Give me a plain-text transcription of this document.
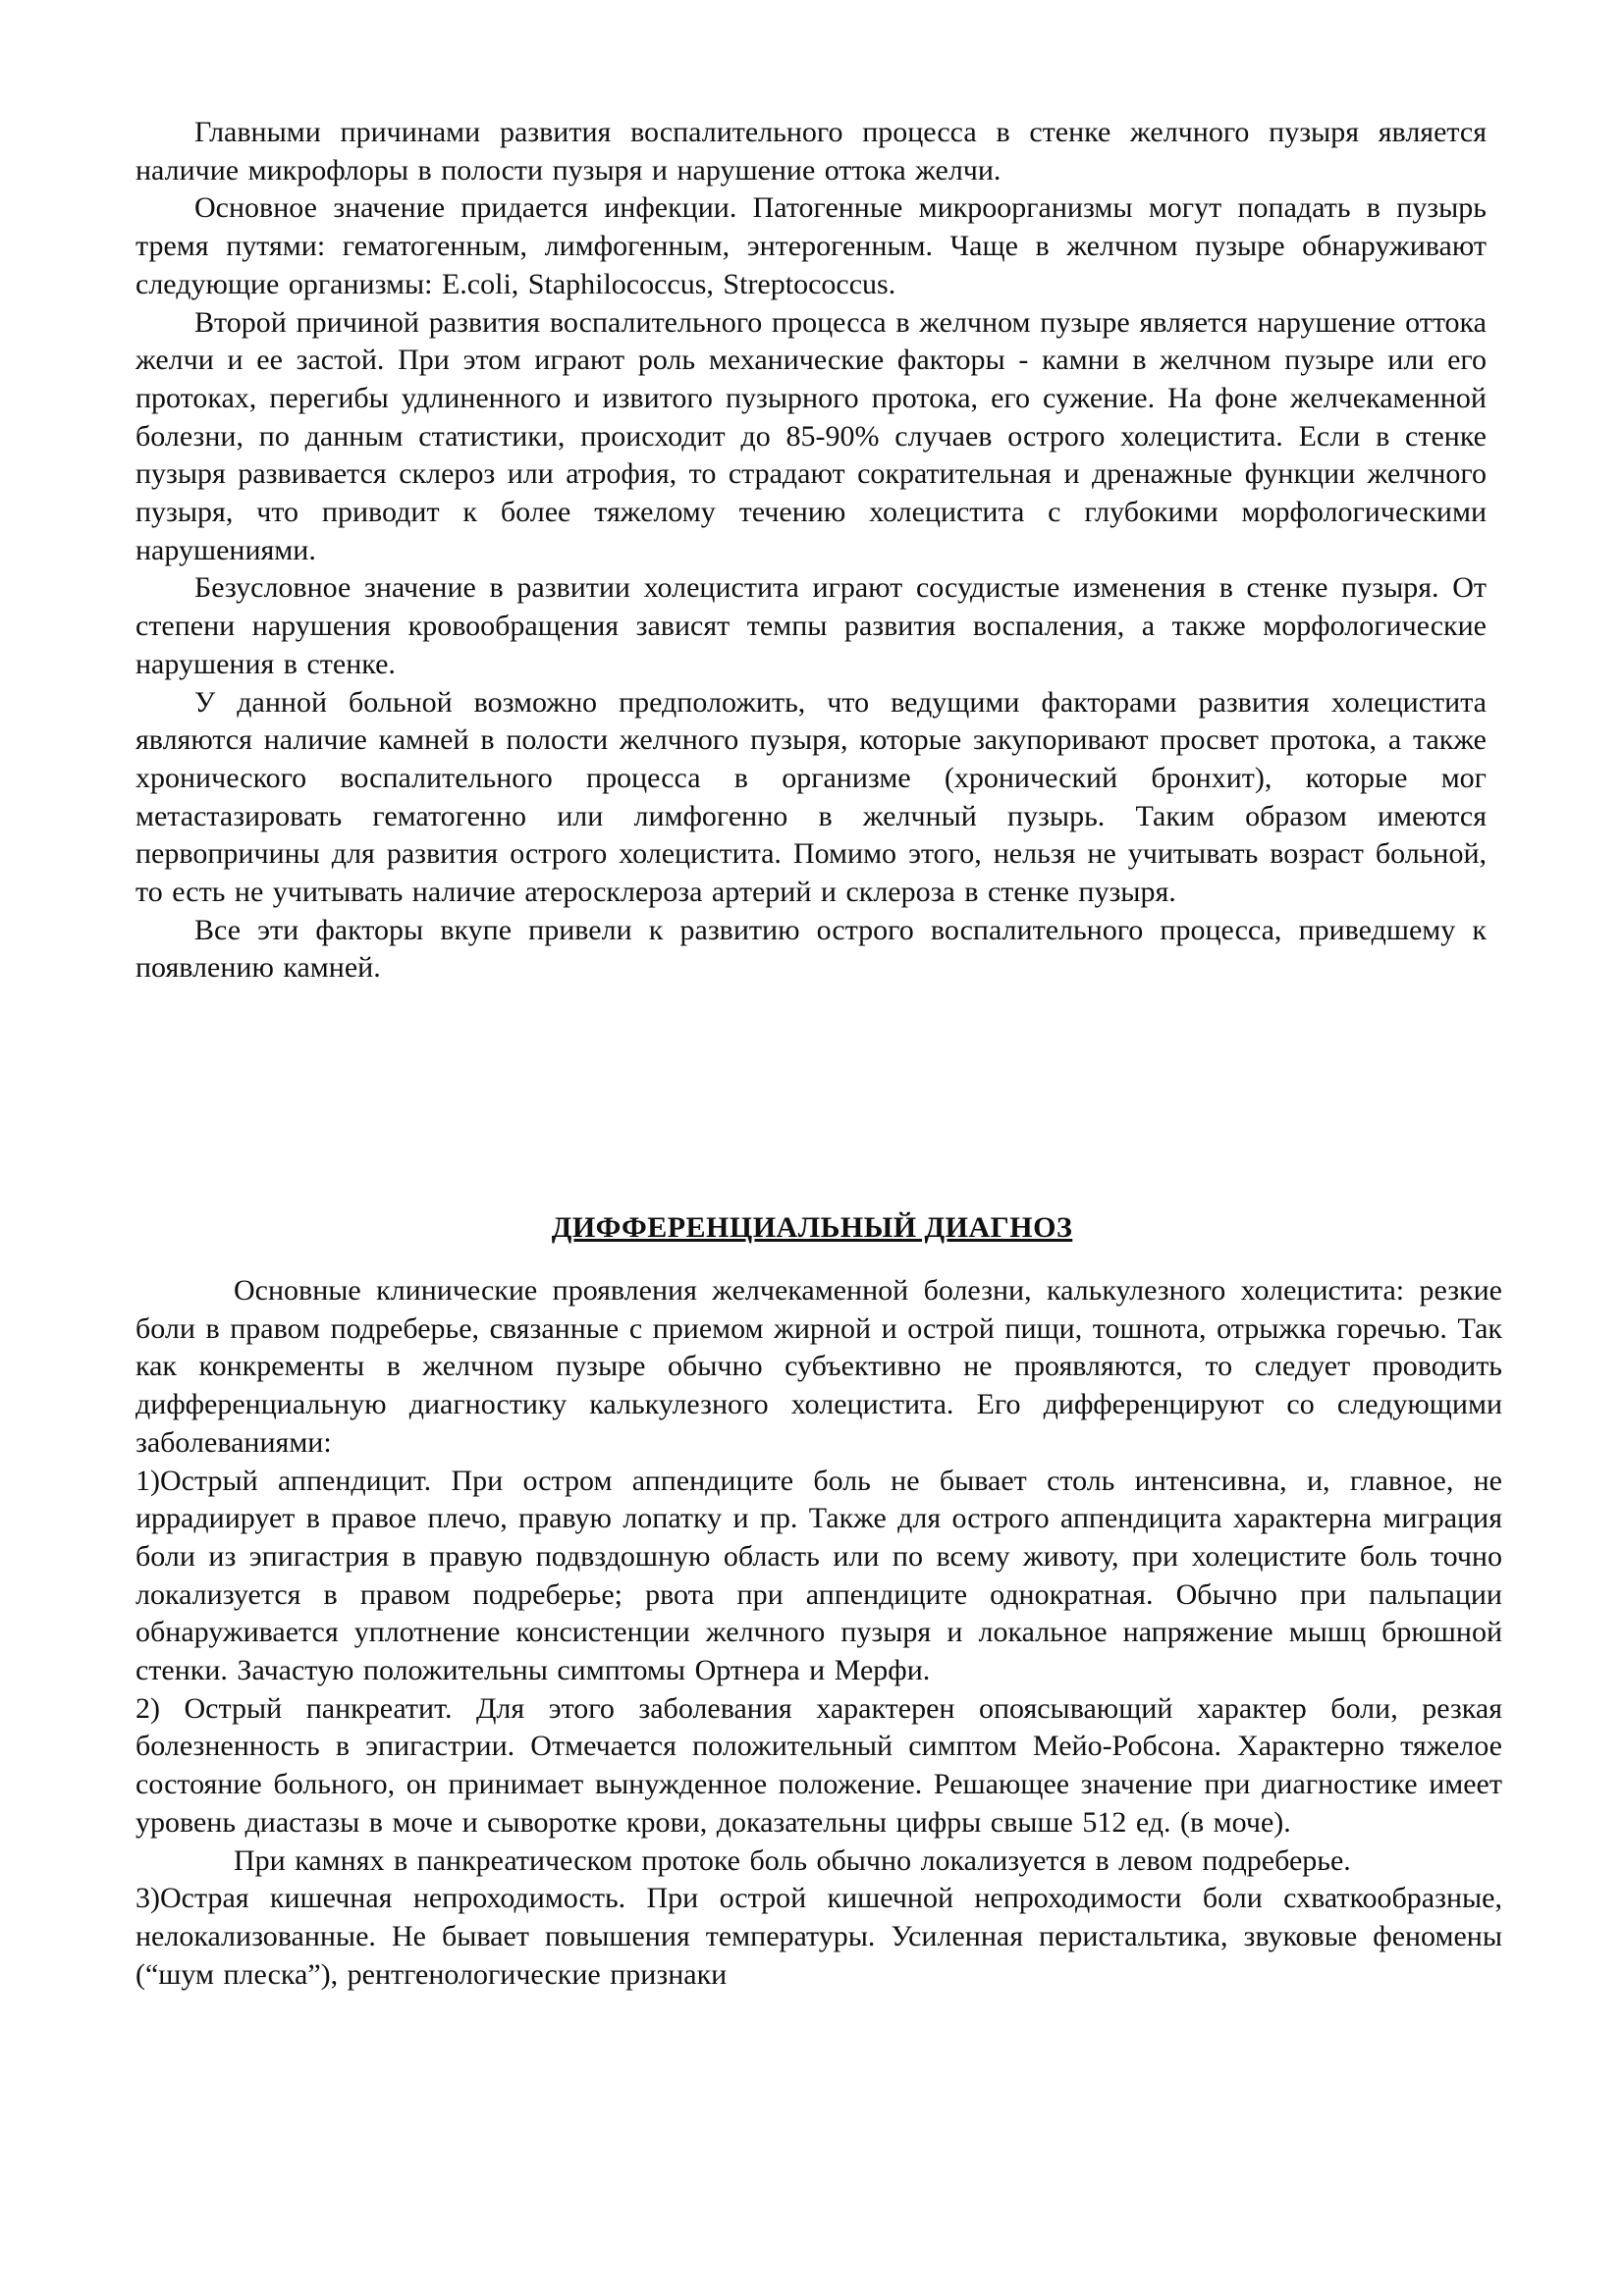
Главными причинами развития воспалительного процесса в стенке желчного пузыря является наличие микрофлоры в полости пузыря и нарушение оттока желчи.

Основное значение придается инфекции. Патогенные микроорганизмы могут попадать в пузырь тремя путями: гематогенным, лимфогенным, энтерогенным. Чаще в желчном пузыре обнаруживают следующие организмы: E.coli, Staphilococcus, Streptococcus.

Второй причиной развития воспалительного процесса в желчном пузыре является нарушение оттока желчи и ее застой. При этом играют роль механические факторы - камни в желчном пузыре или его протоках, перегибы удлиненного и извитого пузырного протока, его сужение. На фоне желчекаменной болезни, по данным статистики, происходит до 85-90% случаев острого холецистита. Если в стенке пузыря развивается склероз или атрофия, то страдают сократительная и дренажные функции желчного пузыря, что приводит к более тяжелому течению холецистита с глубокими морфологическими нарушениями.

Безусловное значение в развитии холецистита играют сосудистые изменения в стенке пузыря. От степени нарушения кровообращения зависят темпы развития воспаления, а также морфологические нарушения в стенке.

У данной больной возможно предположить, что ведущими факторами развития холецистита являются наличие камней в полости желчного пузыря, которые закупоривают просвет протока, а также хронического воспалительного процесса в организме (хронический бронхит), которые мог метастазировать гематогенно или лимфогенно в желчный пузырь. Таким образом имеются первопричины для развития острого холецистита. Помимо этого, нельзя не учитывать возраст больной, то есть не учитывать наличие атеросклероза артерий и склероза в стенке пузыря.

Все эти факторы вкупе привели к развитию острого воспалительного процесса, приведшему к появлению камней.

ДИФФЕРЕНЦИАЛЬНЫЙ ДИАГНОЗ

Основные клинические проявления желчекаменной болезни, калькулезного холецистита: резкие боли в правом подреберье, связанные с приемом жирной и острой пищи, тошнота, отрыжка горечью. Так как конкременты в желчном пузыре обычно субъективно не проявляются, то следует проводить дифференциальную диагностику калькулезного холецистита. Его дифференцируют со следующими заболеваниями:

1)Острый аппендицит. При остром аппендиците боль не бывает столь интенсивна, и, главное, не иррадиирует в правое плечо, правую лопатку и пр. Также для острого аппендицита характерна миграция боли из эпигастрия в правую подвздошную область или по всему животу, при холецистите боль точно локализуется в правом подреберье; рвота при аппендиците однократная. Обычно при пальпации обнаруживается уплотнение консистенции желчного пузыря и локальное напряжение мышц брюшной стенки. Зачастую положительны симптомы Ортнера и Мерфи.

2) Острый панкреатит. Для этого заболевания характерен опоясывающий характер боли, резкая болезненность в эпигастрии. Отмечается положительный симптом Мейо-Робсона. Характерно тяжелое состояние больного, он принимает вынужденное положение. Решающее значение при диагностике имеет уровень диастазы в моче и сыворотке крови, доказательны цифры свыше 512 ед. (в моче).

При камнях в панкреатическом протоке боль обычно локализуется в левом подреберье.

3)Острая кишечная непроходимость. При острой кишечной непроходимости боли схваткообразные, нелокализованные. Не бывает повышения температуры. Усиленная перистальтика, звуковые феномены (“шум плеска”), рентгенологические признаки
